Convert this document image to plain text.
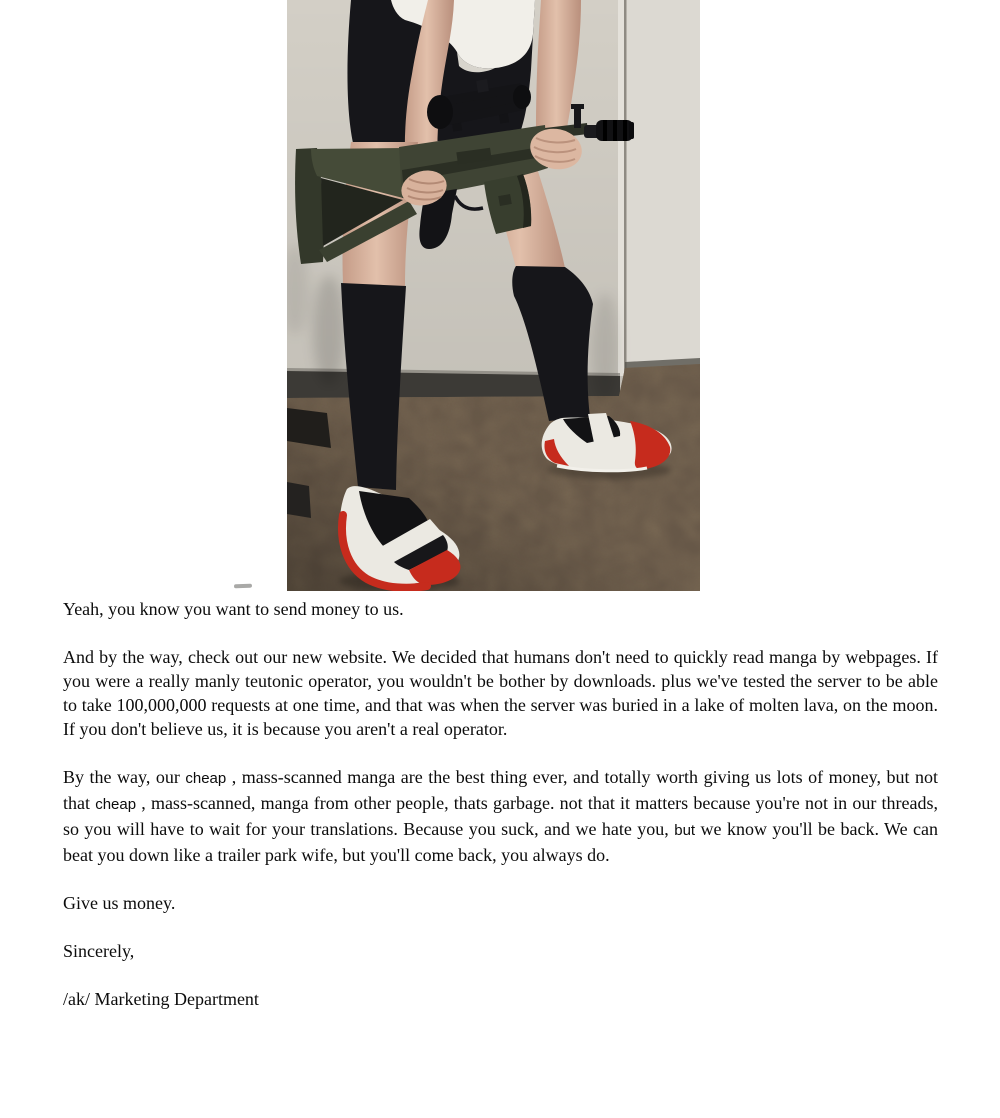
Yeah, you know you want to send money to us.

And by the way, check out our new website. We decided that humans don't need to quickly read manga by webpages. If you were a really manly teutonic operator, you wouldn't be bother by downloads. plus we've tested the server to be able to take 100,000,000 requests at one time, and that was when the server was buried in a lake of molten lava, on the moon. If you don't believe us, it is because you aren't a real operator.

By the way, our cheap , mass-scanned manga are the best thing ever, and totally worth giving us lots of money, but not that cheap , mass-scanned, manga from other people, thats garbage. not that it matters because you're not in our threads, so you will have to wait for your translations. Because you suck, and we hate you, but we know you'll be back. We can beat you down like a trailer park wife, but you'll come back, you always do.

Give us money.

Sincerely,

/ak/ Marketing Department
